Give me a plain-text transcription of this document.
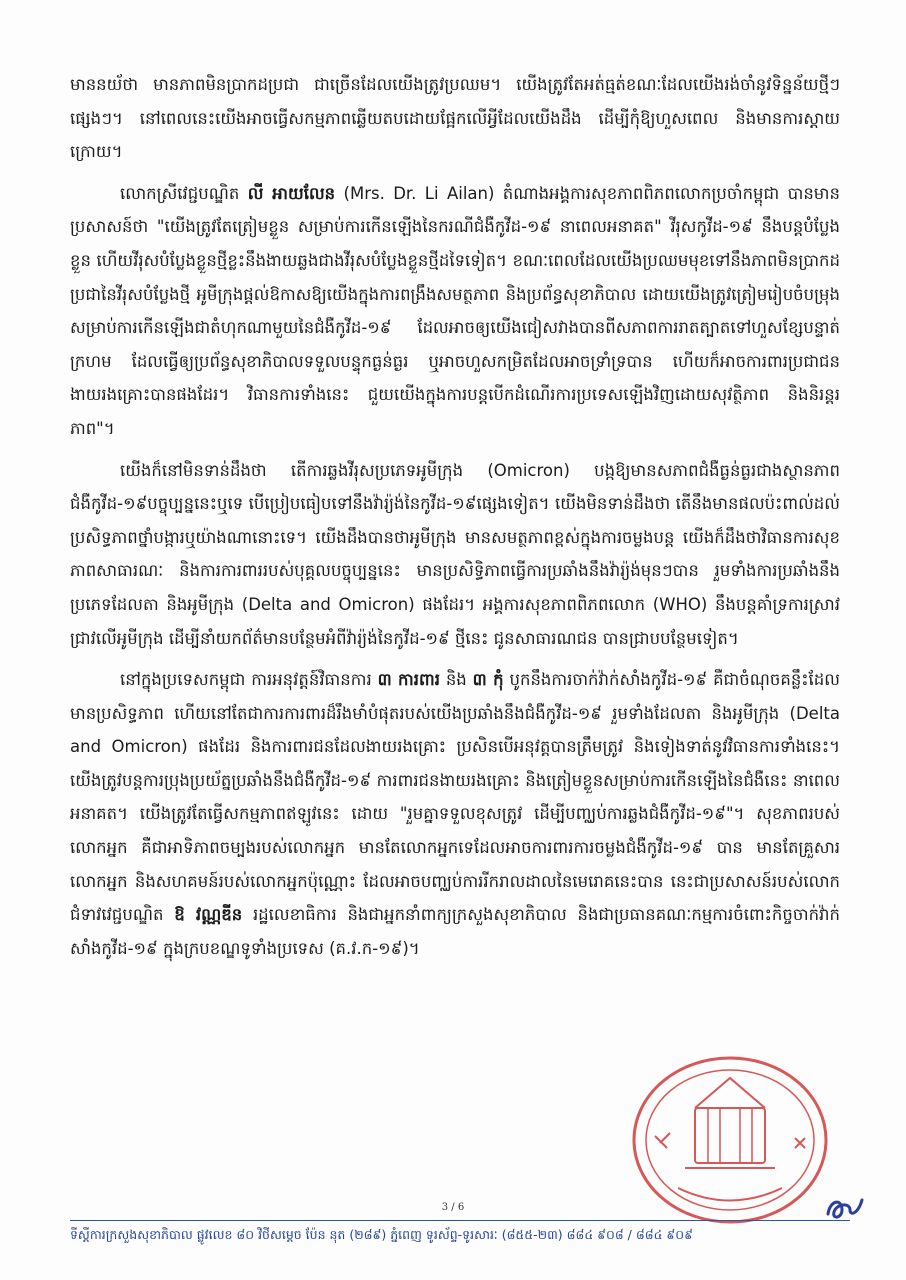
មាននយ័ថា មានភាពមិនប្រាកដប្រជា ជាច្រើនដែលយើងត្រូវប្រឈម។ យើងត្រូវតែអត់ធ្មត់ខណៈដែលយើងរង់ចាំនូវទិន្នន័យថ្មីៗផ្សេងៗ។ នៅពេលនេះយើងអាចធ្វើសកម្មភាពឆ្លើយតបដោយផ្អែកលើអ្វីដែលយើងដឹង ដើម្បីកុំឱ្យហួសពេល និងមានការស្ដាយក្រោយ។

លោកស្រីវេជ្ជបណ្ឌិត លី អាយលែន (Mrs. Dr. Li Ailan) តំណាងអង្គការសុខភាពពិភពលោកប្រចាំកម្ពុជា បានមានប្រសាសន៍ថា "យើងត្រូវតែត្រៀមខ្លួន សម្រាប់ការកើនឡើងនៃករណីជំងឺកូវីដ-១៩ នាពេលអនាគត" វីរុសកូវីដ-១៩ នឹងបន្តបំប្លែងខ្លួន ហើយវីរុសបំប្លែងខ្លួនថ្មីខ្លះនឹងងាយឆ្លងជាងវីរុសបំប្លែងខ្លួនថ្មីដទៃទៀត។ ខណៈពេលដែលយើងប្រឈមមុខទៅនឹងភាពមិនប្រាកដប្រជានៃវីរុសបំប្លែងថ្មី អូមីក្រុងផ្ដល់ឱកាសឱ្យយើងក្នុងការពង្រឹងសមត្ថភាព និងប្រព័ន្ធសុខាភិបាល ដោយយើងត្រូវត្រៀមរៀបចំបម្រុងសម្រាប់ការកើនឡើងជាតំហុកណាមួយនៃជំងឺកូវីដ-១៩ ដែលអាចឲ្យយើងជៀសវាងបានពីសភាពការរាតត្បាតទៅហួសខ្សែបន្ទាត់ក្រហម ដែលធ្វើឲ្យប្រព័ន្ធសុខាភិបាលទទួលបន្ទុកធ្ងន់ធ្ងរ ឬអាចហួសកម្រិតដែលអាចទ្រាំទ្របាន ហើយក៏អាចការពារប្រជាជនងាយរងគ្រោះបានផងដែរ។ វិធានការទាំងនេះ ជួយយើងក្នុងការបន្តបើកដំណើរការប្រទេសឡើងវិញដោយសុវត្ថិភាព និងនិរន្តរភាព"។

យើងក៏នៅមិនទាន់ដឹងថា តើការឆ្លងវីរុសប្រភេទអូមីក្រុង (Omicron) បង្កឱ្យមានសភាពជំងឺធ្ងន់ធ្ងរជាងស្ថានភាពជំងឺកូវីដ-១៩បច្ចុប្បន្ននេះឬទេ បើប្រៀបធៀបទៅនឹងវ៉ារ្យ៉ង់នៃកូវីដ-១៩ផ្សេងទៀត។ យើងមិនទាន់ដឹងថា តើនឹងមានផលប៉ះពាល់ដល់ប្រសិទ្ធភាពថ្នាំបង្ការឬយ៉ាងណានោះទេ។ យើងដឹងបានថាអូមីក្រុង មានសមត្ថភាពខ្ពស់ក្នុងការចម្លងបន្ត យើងក៏ដឹងថាវិធានការសុខភាពសាធារណៈ និងការការពាររបស់បុគ្គលបច្ចុប្បន្ននេះ មានប្រសិទ្ធិភាពធ្វើការប្រឆាំងនឹងវ៉ារ្យ៉ង់មុនៗបាន រួមទាំងការប្រឆាំងនឹងប្រភេទដែលតា និងអូមីក្រុង (Delta and Omicron) ផងដែរ។ អង្គការសុខភាពពិភពលោក (WHO) នឹងបន្តគាំទ្រការស្រាវជ្រាវលើអូមីក្រុង ដើម្បីនាំយកព័ត៌មានបន្ថែមអំពីវ៉ារ្យ៉ង់នៃកូវីដ-១៩ ថ្មីនេះ ជូនសាធារណជន បានជ្រាបបន្ថែមទៀត។

នៅក្នុងប្រទេសកម្ពុជា ការអនុវត្តន៍វិធានការ ៣ ការពារ និង ៣ កុំ បូកនឹងការចាក់វ៉ាក់សាំងកូវីដ-១៩ គឺជាចំណុចគន្លឹះដែលមានប្រសិទ្ធភាព ហើយនៅតែជាការការពារដ៏រឹងមាំបំផុតរបស់យើងប្រឆាំងនឹងជំងឺកូវីដ-១៩ រួមទាំងដែលតា និងអូមីក្រុង (Delta and Omicron) ផងដែរ និងការពារជនដែលងាយរងគ្រោះ ប្រសិនបើអនុវត្តបានត្រឹមត្រូវ និងទៀងទាត់នូវវិធានការទាំងនេះ។ យើងត្រូវបន្តការប្រុងប្រយ័ត្នប្រឆាំងនឹងជំងឺកូវីដ-១៩ ការពារជនងាយរងគ្រោះ និងត្រៀមខ្លួនសម្រាប់ការកើនឡើងនៃជំងឺនេះ នាពេលអនាគត។ យើងត្រូវតែធ្វើសកម្មភាពឥឡូវនេះ ដោយ "រួមគ្នាទទួលខុសត្រូវ ដើម្បីបញ្ឈប់ការឆ្លងជំងឺកូវីដ-១៩"។ សុខភាពរបស់លោកអ្នក គឺជាអាទិភាពចម្បងរបស់លោកអ្នក មានតែលោកអ្នកទេដែលអាចការពារការចម្លងជំងឺកូវីដ-១៩ បាន មានតែគ្រួសារលោកអ្នក និងសហគមន៍របស់លោកអ្នកប៉ុណ្ណោះ ដែលអាចបញ្ឈប់ការរីករាលដាលនៃមេរោគនេះបាន នេះជាប្រសាសន៍របស់លោកជំទាវវេជ្ជបណ្ឌិត ឱ វណ្ណឌីន រដ្ឋលេខាធិការ និងជាអ្នកនាំពាក្យក្រសួងសុខាភិបាល និងជាប្រធានគណៈកម្មការចំពោះកិច្ចចាក់វ៉ាក់សាំងកូវីដ-១៩ ក្នុងក្របខណ្ឌទូទាំងប្រទេស (គ.វ.ក-១៩)។

3 / 6
ទីស្តីការក្រសួងសុខាភិបាល ផ្លូវលេខ ៨០ វិថីសម្ដេច ប៉ែន នុត (២៨៩) ភ្នំពេញ ទូរស័ព្ទ-ទូរសារៈ (៨៥៥-២៣) ៨៨៤ ៩០៨ / ៨៨៤ ៩០៩
